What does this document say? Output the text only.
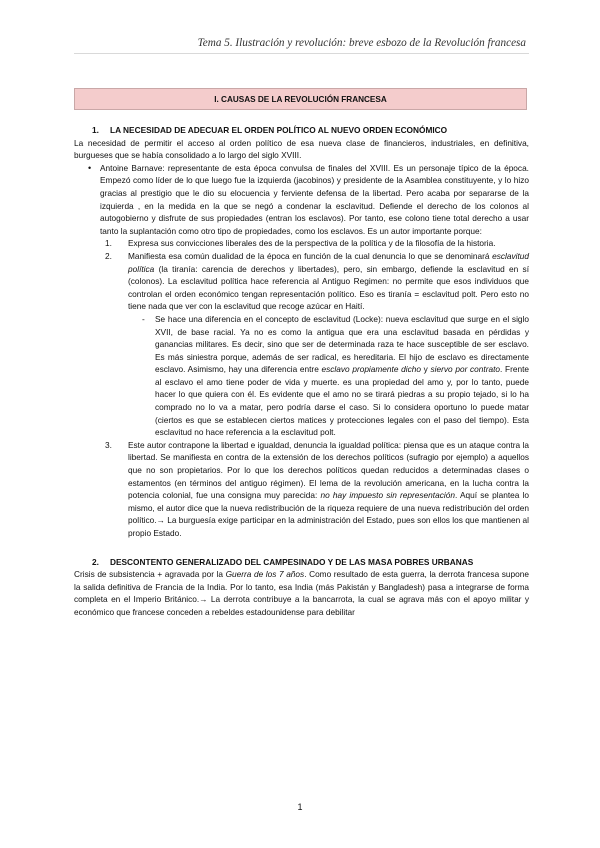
Tema 5. Ilustración y revolución: breve esbozo de la Revolución francesa
I. CAUSAS DE LA REVOLUCIÓN FRANCESA
1. LA NECESIDAD DE ADECUAR EL ORDEN POLÍTICO AL NUEVO ORDEN ECONÓMICO

La necesidad de permitir el acceso al orden político de esa nueva clase de financieros, industriales, en definitiva, burgueses que se había consolidado a lo largo del siglo XVIII.

• Antoine Barnave: representante de esta época convulsa de finales del XVIII. Es un personaje típico de la época. Empezó como líder de lo que luego fue la izquierda (jacobinos) y presidente de la Asamblea constituyente, y lo hizo gracias al prestigio que le dio su elocuencia y ferviente defensa de la libertad. Pero acaba por separarse de la izquierda , en la medida en la que se negó a condenar la esclavitud. Defiende el derecho de los colonos al autogobierno y disfrute de sus propiedades (entran los esclavos). Por tanto, ese colono tiene total derecho a usar tanto la suplantación como otro tipo de propiedades, como los esclavos. Es un autor importante porque:

1. Expresa sus convicciones liberales des de la perspectiva de la política y de la filosofía de la historia.

2. Manifiesta esa común dualidad de la época en función de la cual denuncia lo que se denominará esclavitud política (la tiranía: carencia de derechos y libertades), pero, sin embargo, defiende la esclavitud en sí (colonos). La esclavitud política hace referencia al Antiguo Regimen: no permite que esos individuos que controlan el orden económico tengan representación político. Eso es tiranía = esclavitud polt. Pero esto no tiene nada que ver con la esclavitud que recoge azúcar en Haití.

- Se hace una diferencia en el concepto de esclavitud (Locke): nueva esclavitud que surge en el siglo XVII, de base racial. Ya no es como la antigua que era una esclavitud basada en pérdidas y ganancias militares. Es decir, sino que ser de determinada raza te hace susceptible de ser esclavo. Es más siniestra porque, además de ser radical, es hereditaria. El hijo de esclavo es directamente esclavo. Asimismo, hay una diferencia entre esclavo propiamente dicho y siervo por contrato. Frente al esclavo el amo tiene poder de vida y muerte. es una propiedad del amo y, por lo tanto, puede hacer lo que quiera con él. Es evidente que el amo no se tirará piedras a su propio tejado, si lo ha comprado no lo va a matar, pero podría darse el caso. Si lo considera oportuno lo puede matar (ciertos es que se establecen ciertos matices y protecciones legales con el paso del tiempo). Esta esclavitud no hace referencia a la esclavitud polt.

3. Este autor contrapone la libertad e igualdad, denuncia la igualdad política: piensa que es un ataque contra la libertad. Se manifiesta en contra de la extensión de los derechos políticos (sufragio por ejemplo) a aquellos que no son propietarios. Por lo que los derechos políticos quedan reducidos a determinadas clases o estamentos (en términos del antiguo régimen). El lema de la revolución americana, en la lucha contra la potencia colonial, fue una consigna muy parecida: no hay impuesto sin representación. Aquí se plantea lo mismo, el autor dice que la nueva redistribución de la riqueza requiere de una nueva redistribución del orden político.→ La burguesía exige participar en la administración del Estado, pues son ellos los que mantienen al propio Estado.

2. DESCONTENTO GENERALIZADO DEL CAMPESINADO Y DE LAS MASA POBRES URBANAS

Crisis de subsistencia + agravada por la Guerra de los 7 años. Como resultado de esta guerra, la derrota francesa supone la salida definitiva de Francia de la India. Por lo tanto, esa India (más Pakistán y Bangladesh) pasa a integrarse de forma completa en el Imperio Británico.→ La derrota contribuye a la bancarrota, la cual se agrava más con el apoyo militar y económico que francese conceden a rebeldes estadounidense para debilitar

1
